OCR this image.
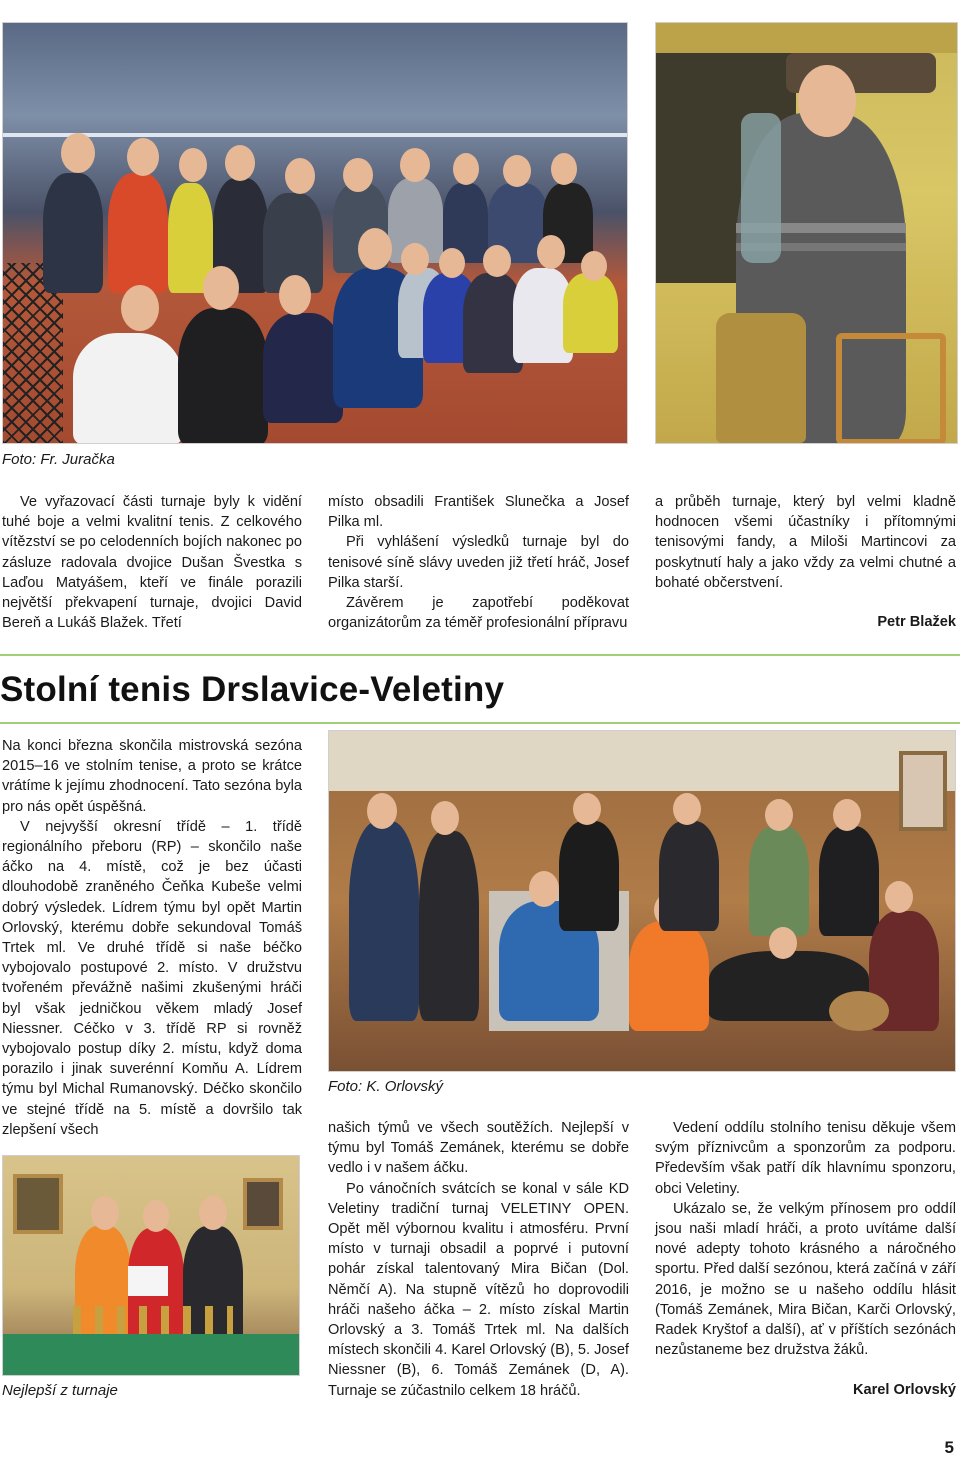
Foto: Fr. Juračka

Ve vyřazovací části turnaje byly k vidění tuhé boje a velmi kvalitní tenis. Z celkového vítězství se po celodenních bojích nakonec po zásluze radovala dvojice Dušan Švestka s Laďou Matyášem, kteří ve finále porazili největší překvapení turnaje, dvojici David Bereň a Lukáš Blažek. Třetí

místo obsadili František Slunečka a Josef Pilka ml.

Při vyhlášení výsledků turnaje byl do tenisové síně slávy uveden již třetí hráč, Josef Pilka starší.

Závěrem je zapotřebí poděkovat organizátorům za téměř profesionální přípravu

a průběh turnaje, který byl velmi kladně hodnocen všemi účastníky i přítomnými tenisovými fandy, a Miloši Martincovi za poskytnutí haly a jako vždy za velmi chutné a bohaté občerstvení.

Petr Blažek
Stolní tenis Drslavice-Veletiny

Na konci března skončila mistrovská sezóna 2015–16 ve stolním tenise, a proto se krátce vrátíme k jejímu zhodnocení. Tato sezóna byla pro nás opět úspěšná.

V nejvyšší okresní třídě – 1. třídě regionálního přeboru (RP) – skončilo naše áčko na 4. místě, což je bez účasti dlouhodobě zraněného Čeňka Kubeše velmi dobrý výsledek. Lídrem týmu byl opět Martin Orlovský, kterému dobře sekundoval Tomáš Trtek ml. Ve druhé třídě si naše béčko vybojovalo postupové 2. místo. V družstvu tvořeném převážně našimi zkušenými hráči byl však jedničkou věkem mladý Josef Niessner. Céčko v 3. třídě RP si rovněž vybojovalo postup díky 2. místu, když doma porazilo i jinak suverénní Komňu A. Lídrem týmu byl Michal Rumanovský. Déčko skončilo ve stejné třídě na 5. místě a dovršilo tak zlepšení všech

Nejlepší z turnaje
Foto: K. Orlovský

našich týmů ve všech soutěžích. Nejlepší v týmu byl Tomáš Zemánek, kterému se dobře vedlo i v našem áčku.

Po vánočních svátcích se konal v sále KD Veletiny tradiční turnaj VELETINY OPEN. Opět měl výbornou kvalitu i atmosféru. První místo v turnaji obsadil a poprvé i putovní pohár získal talentovaný Mira Bičan (Dol. Němčí A). Na stupně vítězů ho doprovodili hráči našeho áčka – 2. místo získal Martin Orlovský a 3. Tomáš Trtek ml. Na dalších místech skončili 4. Karel Orlovský (B), 5. Josef Niessner (B), 6. Tomáš Zemánek (D, A). Turnaje se zúčastnilo celkem 18 hráčů.

Vedení oddílu stolního tenisu děkuje všem svým příznivcům a sponzorům za podporu. Především však patří dík hlavnímu sponzoru, obci Veletiny.

Ukázalo se, že velkým přínosem pro oddíl jsou naši mladí hráči, a proto uvítáme další nové adepty tohoto krásného a náročného sportu. Před další sezónou, která začíná v září 2016, je možno se u našeho oddílu hlásit (Tomáš Zemánek, Mira Bičan, Karči Orlovský, Radek Kryštof a další), ať v příštích sezónách nezůstaneme bez družstva žáků.

Karel Orlovský
5
